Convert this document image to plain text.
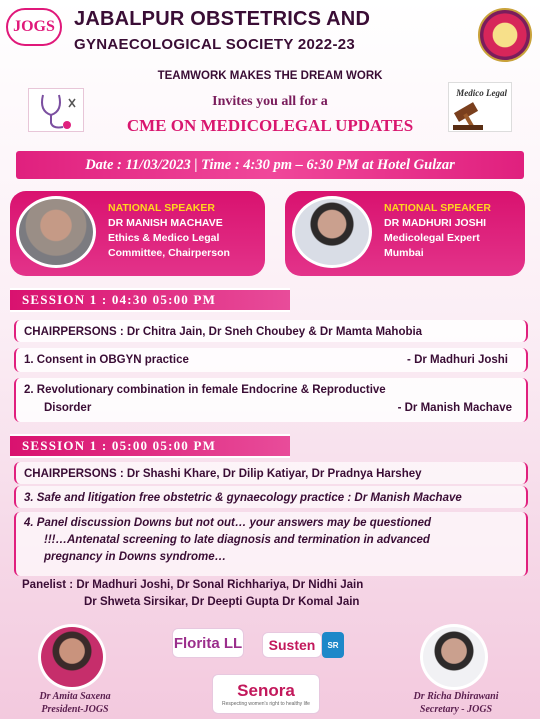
JOGS JABALPUR OBSTETRICS AND
GYNAECOLOGICAL SOCIETY 2022-23
TEAMWORK MAKES THE DREAM WORK
Invites you all for a
CME ON MEDICOLEGAL UPDATES
Medico Legal
Date : 11/03/2023 | Time : 4:30 pm – 6:30 PM at Hotel Gulzar
NATIONAL SPEAKER
DR MANISH MACHAVE
Ethics & Medico Legal
Committee, Chairperson
NATIONAL SPEAKER
DR MADHURI JOSHI
Medicolegal Expert
Mumbai
SESSION 1 : 04:30 05:00 PM
CHAIRPERSONS : Dr Chitra Jain, Dr Sneh Choubey & Dr Mamta Mahobia
1. Consent in OBGYN practice	- Dr Madhuri Joshi
2. Revolutionary combination in female Endocrine & Reproductive
Disorder	- Dr Manish Machave
SESSION 1 : 05:00 05:00 PM
CHAIRPERSONS : Dr Shashi Khare, Dr Dilip Katiyar, Dr Pradnya Harshey
3. Safe and litigation free obstetric & gynaecology practice : Dr Manish Machave
4. Panel discussion Downs but not out… your answers may be questioned
!!!…Antenatal screening to late diagnosis and termination in advanced
pregnancy in Downs syndrome…
Panelist : Dr Madhuri Joshi, Dr Sonal Richhariya, Dr Nidhi Jain
Dr Shweta Sirsikar, Dr Deepti Gupta Dr Komal Jain
Dr Amita Saxena
President-JOGS
Florita LL	Susten	SR
Senora
Respecting women's right to healthy life
Dr Richa Dhirawani
Secretary - JOGS
